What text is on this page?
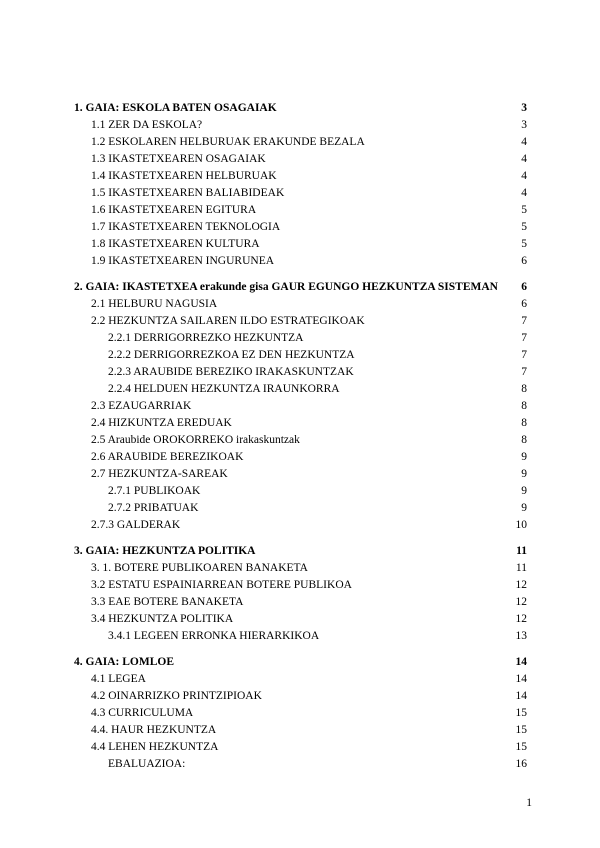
1. GAIA: ESKOLA BATEN OSAGAIAK	3
1.1 ZER DA ESKOLA?	3
1.2 ESKOLAREN HELBURUAK ERAKUNDE BEZALA	4
1.3 IKASTETXEAREN OSAGAIAK	4
1.4 IKASTETXEAREN HELBURUAK	4
1.5 IKASTETXEAREN BALIABIDEAK	4
1.6 IKASTETXEAREN EGITURA	5
1.7 IKASTETXEAREN TEKNOLOGIA	5
1.8 IKASTETXEAREN KULTURA	5
1.9 IKASTETXEAREN INGURUNEA	6
2. GAIA: IKASTETXEA erakunde gisa GAUR EGUNGO HEZKUNTZA SISTEMAN	6
2.1 HELBURU NAGUSIA	6
2.2 HEZKUNTZA SAILAREN ILDO ESTRATEGIKOAK	7
2.2.1 DERRIGORREZKO HEZKUNTZA	7
2.2.2 DERRIGORREZKOA EZ DEN HEZKUNTZA	7
2.2.3 ARAUBIDE BEREZIKO IRAKASKUNTZAK	7
2.2.4 HELDUEN HEZKUNTZA IRAUNKORRA	8
2.3 EZAUGARRIAK	8
2.4 HIZKUNTZA EREDUAK	8
2.5 Araubide OROKORREKO irakaskuntzak	8
2.6 ARAUBIDE BEREZIKOAK	9
2.7 HEZKUNTZA-SAREAK	9
2.7.1 PUBLIKOAK	9
2.7.2 PRIBATUAK	9
2.7.3 GALDERAK	10
3. GAIA: HEZKUNTZA POLITIKA	11
3. 1. BOTERE PUBLIKOAREN BANAKETA	11
3.2 ESTATU ESPAINIARREAN BOTERE PUBLIKOA	12
3.3 EAE BOTERE BANAKETA	12
3.4 HEZKUNTZA POLITIKA	12
3.4.1 LEGEEN ERRONKA HIERARKIKOA	13
4. GAIA: LOMLOE	14
4.1 LEGEA	14
4.2 OINARRIZKO PRINTZIPIOAK	14
4.3 CURRICULUMA	15
4.4. HAUR HEZKUNTZA	15
4.4 LEHEN HEZKUNTZA	15
EBALUAZIOA:	16
1
